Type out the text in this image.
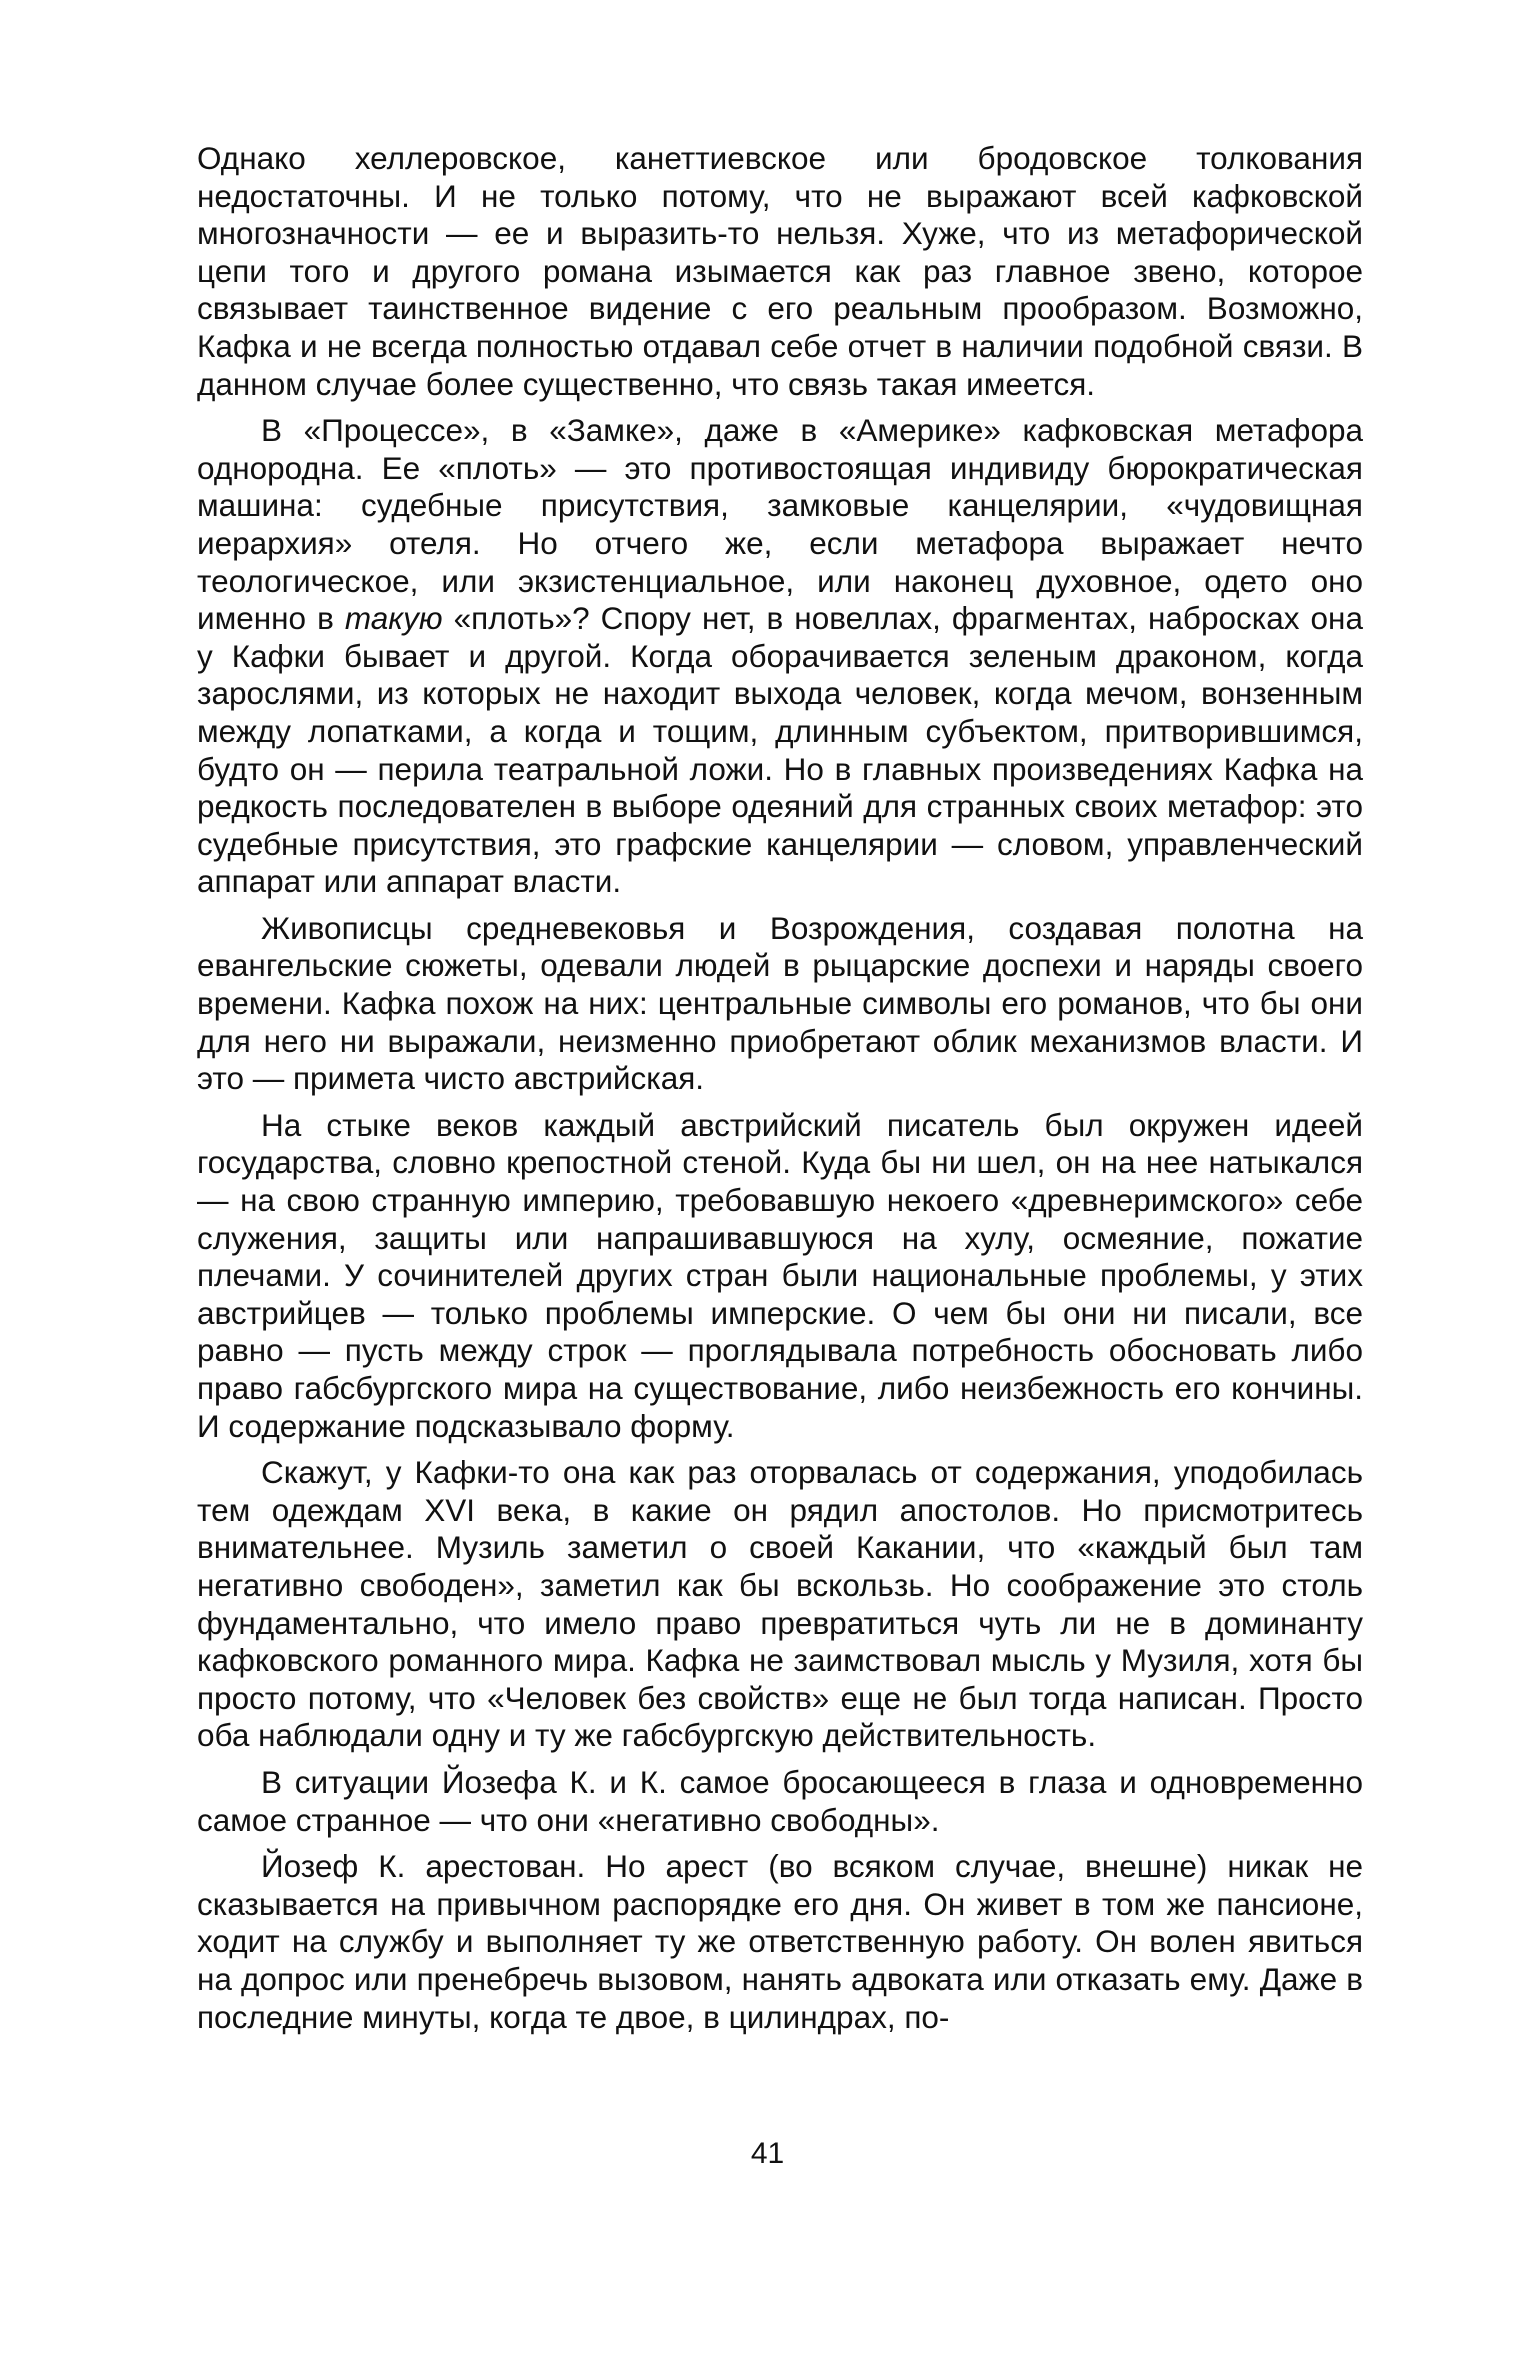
Однако хеллеровское, канеттиевское или бродовское толкования недостаточны. И не только потому, что не выражают всей кафковской многозначности — ее и выразить-то нельзя. Хуже, что из метафорической цепи того и другого романа изымается как раз главное звено, которое связывает таинственное видение с его реальным прообразом. Возможно, Кафка и не всегда полностью отдавал себе отчет в наличии подобной связи. В данном случае более существенно, что связь такая имеется.

В «Процессе», в «Замке», даже в «Америке» кафковская метафора однородна. Ее «плоть» — это противостоящая индивиду бюрократическая машина: судебные присутствия, замковые канцелярии, «чудовищная иерархия» отеля. Но отчего же, если метафора выражает нечто теологическое, или экзистенциальное, или наконец духовное, одето оно именно в такую «плоть»? Спору нет, в новеллах, фрагментах, набросках она у Кафки бывает и другой. Когда оборачивается зеленым драконом, когда зарослями, из которых не находит выхода человек, когда мечом, вонзенным между лопатками, а когда и тощим, длинным субъектом, притворившимся, будто он — перила театральной ложи. Но в главных произведениях Кафка на редкость последователен в выборе одеяний для странных своих метафор: это судебные присутствия, это графские канцелярии — словом, управленческий аппарат или аппарат власти.

Живописцы средневековья и Возрождения, создавая полотна на евангельские сюжеты, одевали людей в рыцарские доспехи и наряды своего времени. Кафка похож на них: центральные символы его романов, что бы они для него ни выражали, неизменно приобретают облик механизмов власти. И это — примета чисто австрийская.

На стыке веков каждый австрийский писатель был окружен идеей государства, словно крепостной стеной. Куда бы ни шел, он на нее натыкался — на свою странную империю, требовавшую некоего «древнеримского» себе служения, защиты или напрашивавшуюся на хулу, осмеяние, пожатие плечами. У сочинителей других стран были национальные проблемы, у этих австрийцев — только проблемы имперские. О чем бы они ни писали, все равно — пусть между строк — проглядывала потребность обосновать либо право габсбургского мира на существование, либо неизбежность его кончины. И содержание подсказывало форму.

Скажут, у Кафки-то она как раз оторвалась от содержания, уподобилась тем одеждам XVI века, в какие он рядил апостолов. Но присмотритесь внимательнее. Музиль заметил о своей Какании, что «каждый был там негативно свободен», заметил как бы вскользь. Но соображение это столь фундаментально, что имело право превратиться чуть ли не в доминанту кафковского романного мира. Кафка не заимствовал мысль у Музиля, хотя бы просто потому, что «Человек без свойств» еще не был тогда написан. Просто оба наблюдали одну и ту же габсбургскую действительность.

В ситуации Йозефа К. и К. самое бросающееся в глаза и одновременно самое странное — что они «негативно свободны».

Йозеф К. арестован. Но арест (во всяком случае, внешне) никак не сказывается на привычном распорядке его дня. Он живет в том же пансионе, ходит на службу и выполняет ту же ответственную работу. Он волен явиться на допрос или пренебречь вызовом, нанять адвоката или отказать ему. Даже в последние минуты, когда те двое, в цилиндрах, по-

41
